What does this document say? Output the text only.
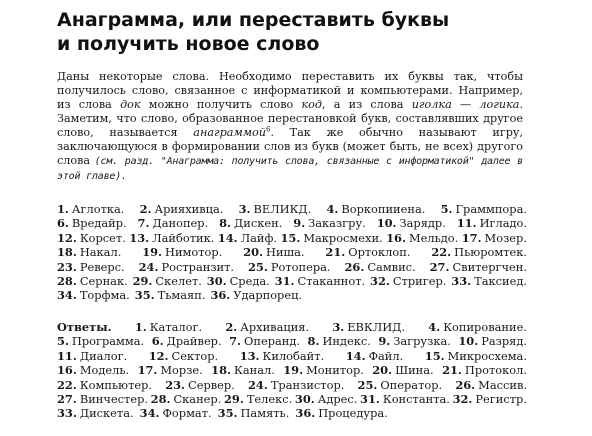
Анаграмма, или переставить буквы
и получить новое слово
Даны некоторые слова. Необходимо переставить их буквы так, чтобы получилось слово, связанное с информатикой и компьютерами. Например, из слова док можно получить слово код, а из слова иголка — логика. Заметим, что слово, образованное перестановкой букв, составлявших другое слово, называется анаграммой$^6$. Так же обычно называют игру, заключающуюся в формировании слов из букв (может быть, не всех) другого слова (см. разд. "Анаграмма: получить слова, связанные с информатикой" далее в этой главе).
1. Аглотка. 2. Арияхивца. 3. ВЕЛИКД. 4. Воркопииена. 5. Граммпора.
6. Вредайр. 7. Данопер. 8. Дискен. 9. Заказгру. 10. Зарядр. 11. Игладо.
12. Корсет. 13. Лайботик. 14. Лайф. 15. Макросмехи. 16. Мельдо. 17. Мозер.
18. Накал. 19. Нимотор. 20. Ниша. 21. Ортоклоп. 22. Пьюромтек.
23. Реверс. 24. Ространзит. 25. Ротопера. 26. Самвис. 27. Свитергчен.
28. Сернак. 29. Скелет. 30. Среда. 31. Стаканнот. 32. Стригер. 33. Таксиед.
34. Торфма. 35. Тьмаяп. 36. Ударпорец.
Ответы. 1. Каталог. 2. Архивация. 3. ЕВКЛИД. 4. Копирование.
5. Программа. 6. Драйвер. 7. Операнд. 8. Индекс. 9. Загрузка. 10. Разряд.
11. Диалог. 12. Сектор. 13. Килобайт. 14. Файл. 15. Микросхема.
16. Модель. 17. Морзе. 18. Канал. 19. Монитор. 20. Шина. 21. Протокол.
22. Компьютер. 23. Сервер. 24. Транзистор. 25. Оператор. 26. Массив.
27. Винчестер. 28. Сканер. 29. Телекс. 30. Адрес. 31. Константа. 32. Регистр.
33. Дискета. 34. Формат. 35. Память. 36. Процедура.
